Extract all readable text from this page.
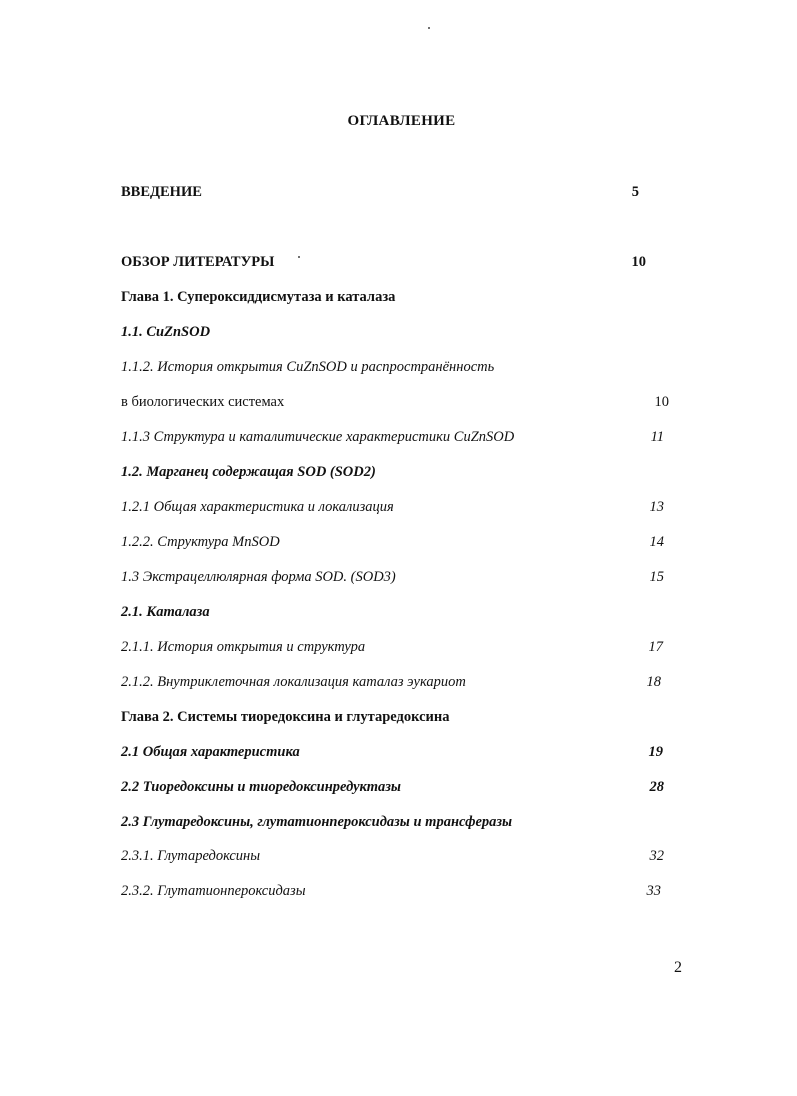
ОГЛАВЛЕНИЕ
ВВЕДЕНИЕ	5
ОБЗОР ЛИТЕРАТУРЫ	10
Глава 1. Супероксиддисмутаза и каталаза
1.1. CuZnSOD
1.1.2. История открытия CuZnSOD и распространённость
в биологических системах	10
1.1.3 Структура и каталитические характеристики CuZnSOD	11
1.2. Марганец содержащая SOD (SOD2)
1.2.1 Общая характеристика и локализация	13
1.2.2. Структура MnSOD	14
1.3 Экстрацеллюлярная форма SOD. (SOD3)	15
2.1. Каталаза
2.1.1. История открытия и структура	17
2.1.2. Внутриклеточная локализация каталаз эукариот	18
Глава 2. Системы тиоредоксина и глутаредоксина
2.1 Общая характеристика	19
2.2 Тиоредоксины и тиоредоксинредуктазы	28
2.3 Глутаредоксины, глутатионпероксидазы и трансферазы
2.3.1. Глутаредоксины	32
2.3.2. Глутатионпероксидазы	33
2
